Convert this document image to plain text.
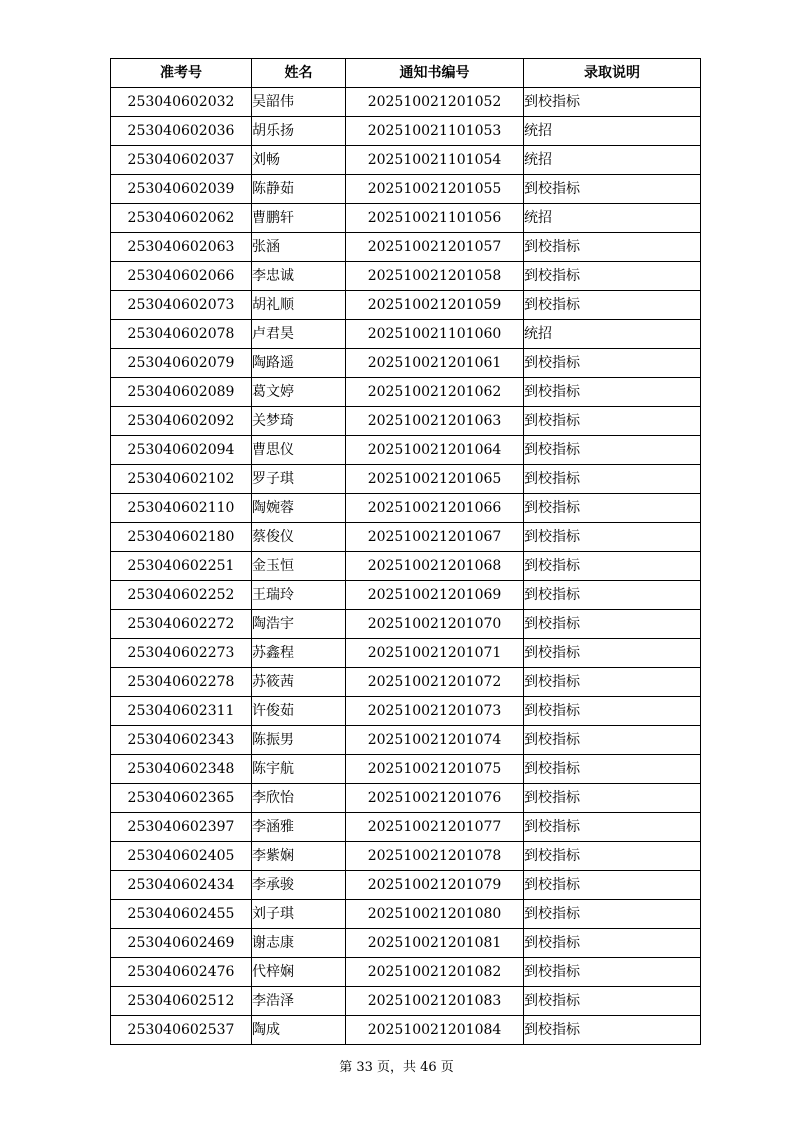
准考号	姓名	通知书编号	录取说明
253040602032	吴韶伟	202510021201052	到校指标
253040602036	胡乐扬	202510021101053	统招
253040602037	刘畅	202510021101054	统招
253040602039	陈静茹	202510021201055	到校指标
253040602062	曹鹏轩	202510021101056	统招
253040602063	张涵	202510021201057	到校指标
253040602066	李忠诚	202510021201058	到校指标
253040602073	胡礼顺	202510021201059	到校指标
253040602078	卢君昊	202510021101060	统招
253040602079	陶路遥	202510021201061	到校指标
253040602089	葛文婷	202510021201062	到校指标
253040602092	关梦琦	202510021201063	到校指标
253040602094	曹思仪	202510021201064	到校指标
253040602102	罗子琪	202510021201065	到校指标
253040602110	陶婉蓉	202510021201066	到校指标
253040602180	蔡俊仪	202510021201067	到校指标
253040602251	金玉恒	202510021201068	到校指标
253040602252	王瑞玲	202510021201069	到校指标
253040602272	陶浩宇	202510021201070	到校指标
253040602273	苏鑫程	202510021201071	到校指标
253040602278	苏筱茜	202510021201072	到校指标
253040602311	许俊茹	202510021201073	到校指标
253040602343	陈振男	202510021201074	到校指标
253040602348	陈宇航	202510021201075	到校指标
253040602365	李欣怡	202510021201076	到校指标
253040602397	李涵雅	202510021201077	到校指标
253040602405	李紫娴	202510021201078	到校指标
253040602434	李承骏	202510021201079	到校指标
253040602455	刘子琪	202510021201080	到校指标
253040602469	谢志康	202510021201081	到校指标
253040602476	代梓娴	202510021201082	到校指标
253040602512	李浩泽	202510021201083	到校指标
253040602537	陶成	202510021201084	到校指标
第 33 页，共 46 页
